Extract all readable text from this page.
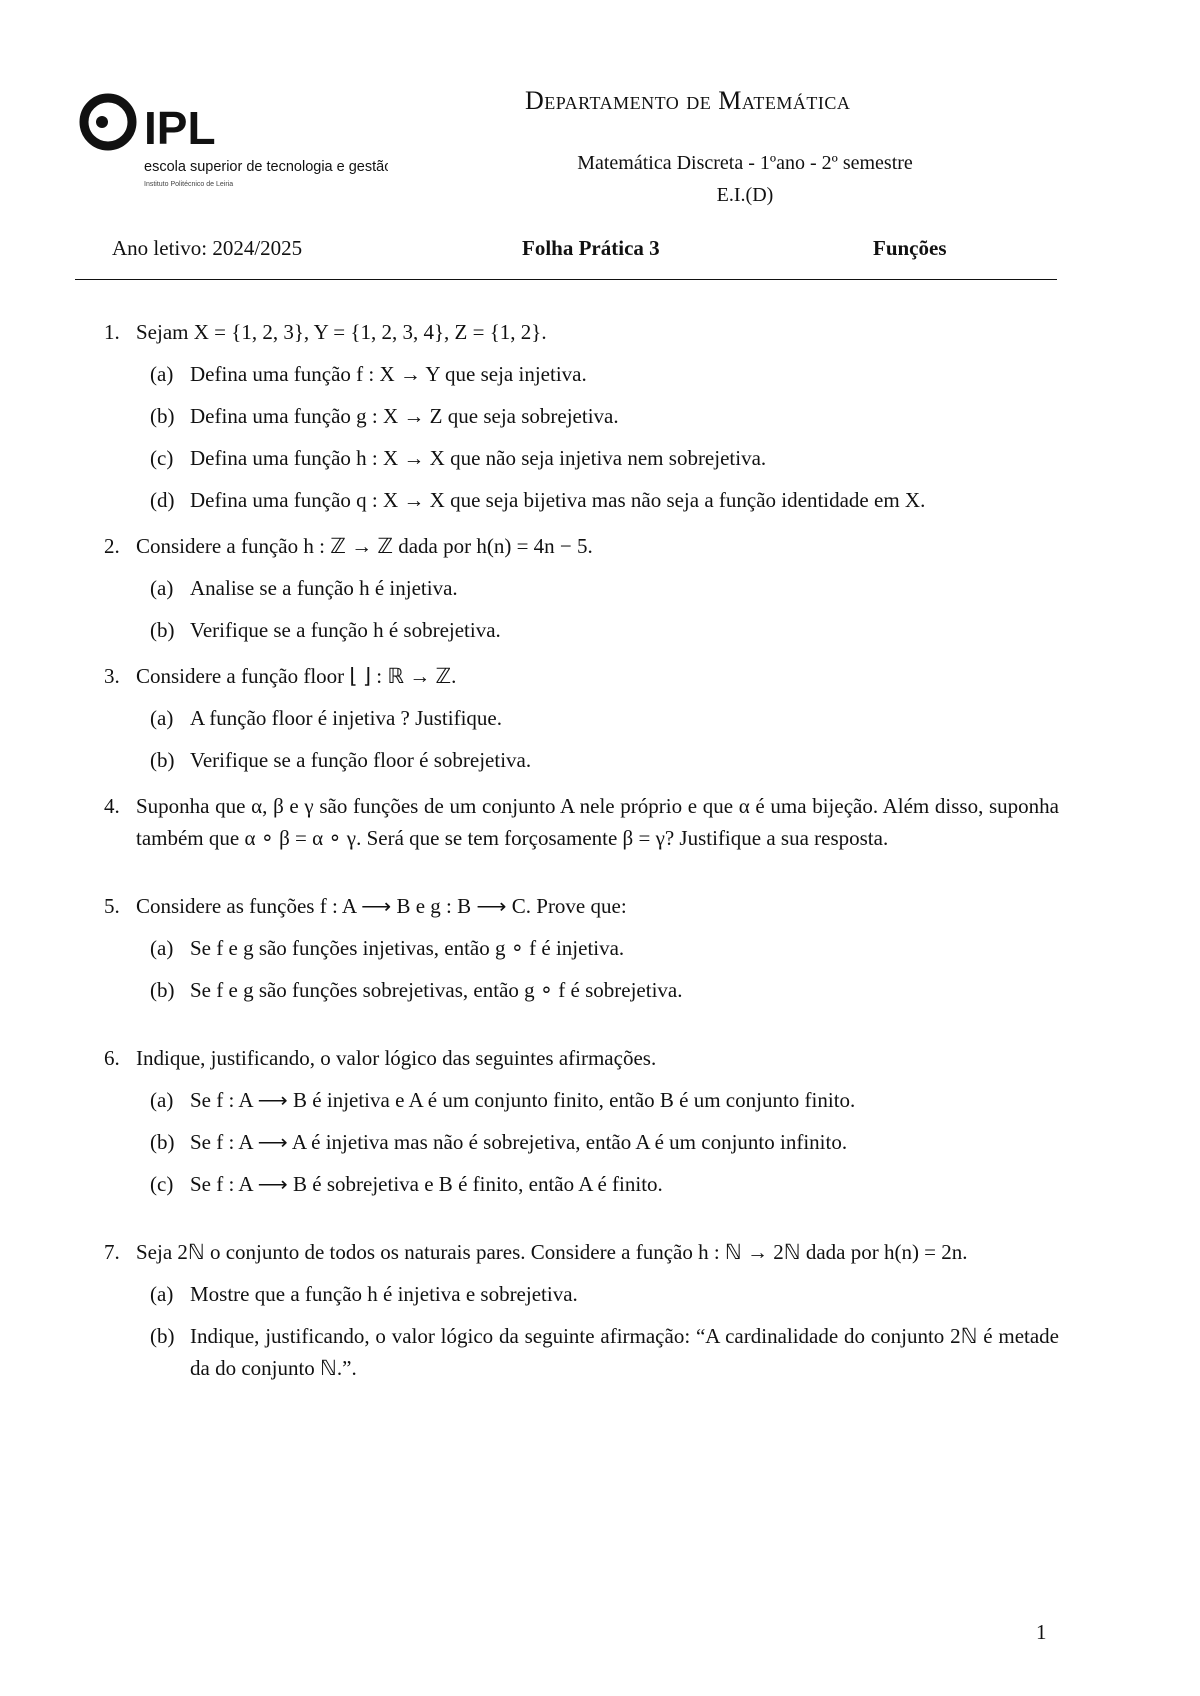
IPL
escola superior de tecnologia e gestão
Instituto Politécnico de Leiria
Departamento de Matemática
Matemática Discreta - 1ºano - 2º semestre
E.I.(D)
Ano letivo: 2024/2025	Folha Prática 3	Funções
1. Sejam X = {1, 2, 3}, Y = {1, 2, 3, 4}, Z = {1, 2}.
(a) Defina uma função f : X → Y que seja injetiva.
(b) Defina uma função g : X → Z que seja sobrejetiva.
(c) Defina uma função h : X → X que não seja injetiva nem sobrejetiva.
(d) Defina uma função q : X → X que seja bijetiva mas não seja a função identidade em X.
2. Considere a função h : ℤ → ℤ dada por h(n) = 4n − 5.
(a) Analise se a função h é injetiva.
(b) Verifique se a função h é sobrejetiva.
3. Considere a função floor ⌊ ⌋ : ℝ → ℤ.
(a) A função floor é injetiva ? Justifique.
(b) Verifique se a função floor é sobrejetiva.
4. Suponha que α, β e γ são funções de um conjunto A nele próprio e que α é uma bijeção. Além disso, suponha também que α ∘ β = α ∘ γ. Será que se tem forçosamente β = γ? Justifique a sua resposta.
5. Considere as funções f : A ⟶ B e g : B ⟶ C. Prove que:
(a) Se f e g são funções injetivas, então g ∘ f é injetiva.
(b) Se f e g são funções sobrejetivas, então g ∘ f é sobrejetiva.
6. Indique, justificando, o valor lógico das seguintes afirmações.
(a) Se f : A ⟶ B é injetiva e A é um conjunto finito, então B é um conjunto finito.
(b) Se f : A ⟶ A é injetiva mas não é sobrejetiva, então A é um conjunto infinito.
(c) Se f : A ⟶ B é sobrejetiva e B é finito, então A é finito.
7. Seja 2ℕ o conjunto de todos os naturais pares. Considere a função h : ℕ → 2ℕ dada por h(n) = 2n.
(a) Mostre que a função h é injetiva e sobrejetiva.
(b) Indique, justificando, o valor lógico da seguinte afirmação: “A cardinalidade do conjunto 2ℕ é metade da do conjunto ℕ.”.
1
